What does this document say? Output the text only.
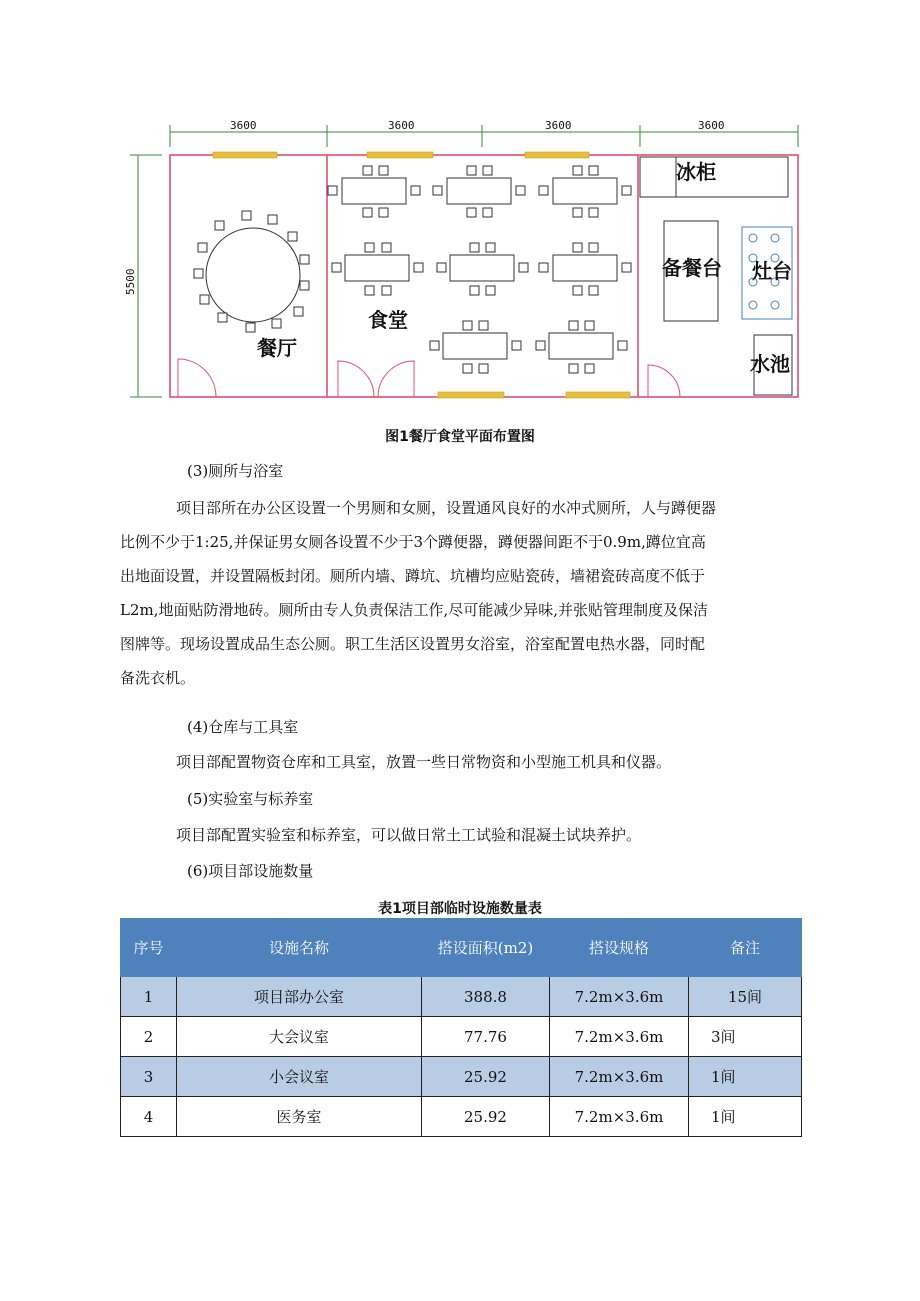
3600	3600	3600	3600
5500
餐厅
食堂
冰柜
备餐台 灶台
水池
图1餐厅食堂平面布置图
(3)厕所与浴室
项目部所在办公区设置一个男厕和女厕，设置通风良好的水冲式厕所，人与蹲便器
比例不少于1:25,并保证男女厕各设置不少于3个蹲便器，蹲便器间距不于0.9m,蹲位宜高
出地面设置，并设置隔板封闭。厕所内墙、蹲坑、坑槽均应贴瓷砖，墙裙瓷砖高度不低于
L2m,地面贴防滑地砖。厕所由专人负责保洁工作,尽可能减少异味,并张贴管理制度及保洁
图牌等。现场设置成品生态公厕。职工生活区设置男女浴室，浴室配置电热水器，同时配
备洗衣机。
(4)仓库与工具室
项目部配置物资仓库和工具室，放置一些日常物资和小型施工机具和仪器。
(5)实验室与标养室
项目部配置实验室和标养室，可以做日常土工试验和混凝土试块养护。
(6)项目部设施数量
表1项目部临时设施数量表
序号	设施名称	搭设面积(m2)	搭设规格	备注
1	项目部办公室	388.8	7.2m×3.6m	15间
2	大会议室	77.76	7.2m×3.6m	3间
3	小会议室	25.92	7.2m×3.6m	1间
4	医务室	25.92	7.2m×3.6m	1间
